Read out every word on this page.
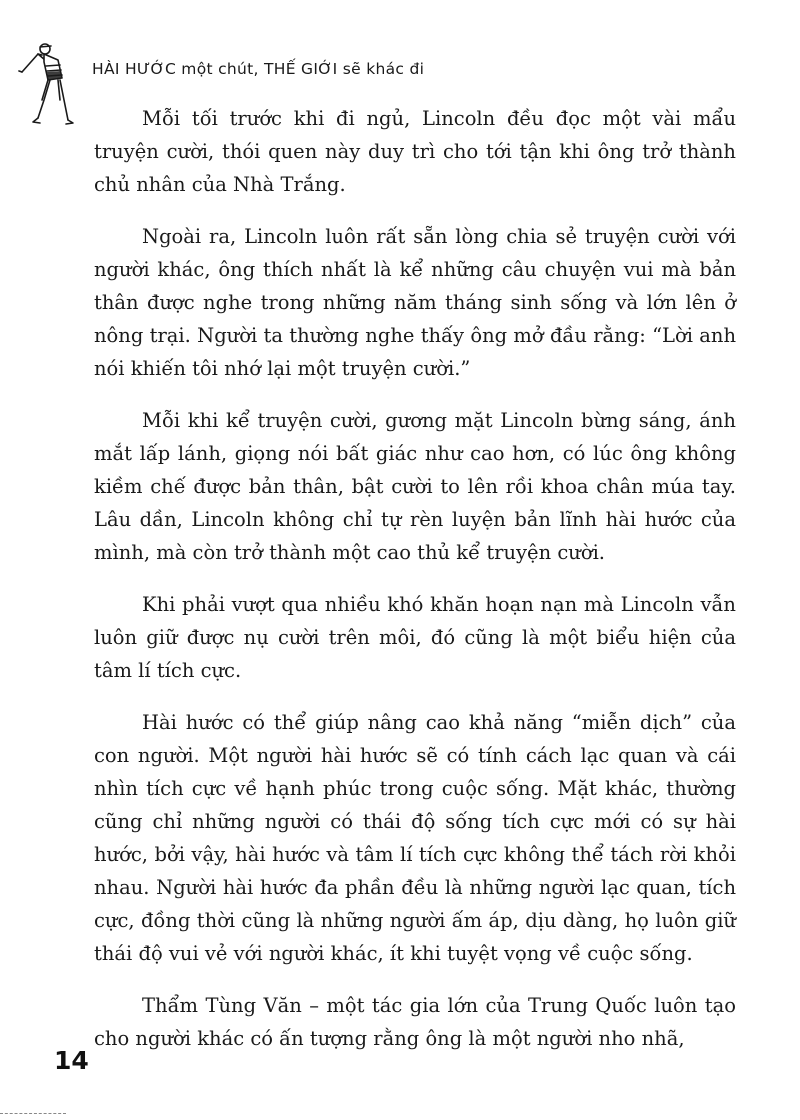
HÀI HƯỚC một chút, THẾ GIỚI sẽ khác đi

Mỗi tối trước khi đi ngủ, Lincoln đều đọc một vài mẩu truyện cười, thói quen này duy trì cho tới tận khi ông trở thành chủ nhân của Nhà Trắng.

Ngoài ra, Lincoln luôn rất sẵn lòng chia sẻ truyện cười với người khác, ông thích nhất là kể những câu chuyện vui mà bản thân được nghe trong những năm tháng sinh sống và lớn lên ở nông trại. Người ta thường nghe thấy ông mở đầu rằng: “Lời anh nói khiến tôi nhớ lại một truyện cười.”

Mỗi khi kể truyện cười, gương mặt Lincoln bừng sáng, ánh mắt lấp lánh, giọng nói bất giác như cao hơn, có lúc ông không kiềm chế được bản thân, bật cười to lên rồi khoa chân múa tay. Lâu dần, Lincoln không chỉ tự rèn luyện bản lĩnh hài hước của mình, mà còn trở thành một cao thủ kể truyện cười.

Khi phải vượt qua nhiều khó khăn hoạn nạn mà Lincoln vẫn luôn giữ được nụ cười trên môi, đó cũng là một biểu hiện của tâm lí tích cực.

Hài hước có thể giúp nâng cao khả năng “miễn dịch” của con người. Một người hài hước sẽ có tính cách lạc quan và cái nhìn tích cực về hạnh phúc trong cuộc sống. Mặt khác, thường cũng chỉ những người có thái độ sống tích cực mới có sự hài hước, bởi vậy, hài hước và tâm lí tích cực không thể tách rời khỏi nhau. Người hài hước đa phần đều là những người lạc quan, tích cực, đồng thời cũng là những người ấm áp, dịu dàng, họ luôn giữ thái độ vui vẻ với người khác, ít khi tuyệt vọng về cuộc sống.

Thẩm Tùng Văn – một tác gia lớn của Trung Quốc luôn tạo cho người khác có ấn tượng rằng ông là một người nho nhã,

14
